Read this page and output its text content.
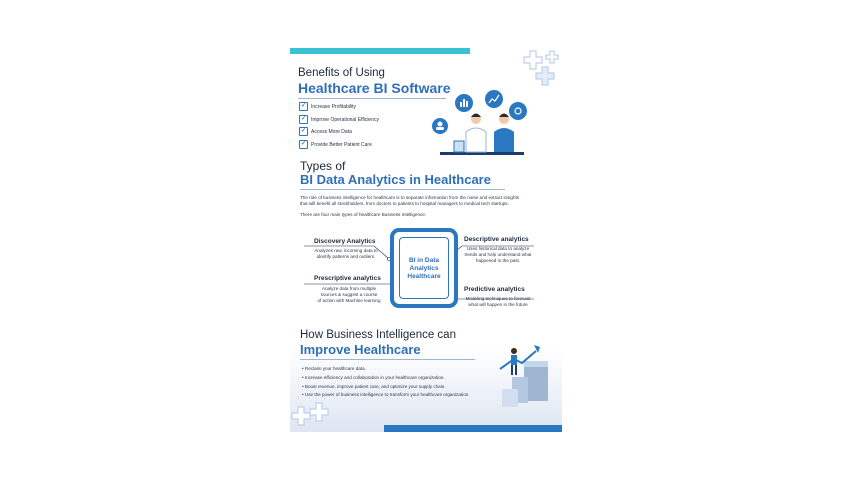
Benefits of Using
Healthcare BI Software
✓ Increase Profitability
✓ Improve Operational Efficiency
✓ Access More Data
✓ Provide Better Patient Care
Types of
BI Data Analytics in Healthcare
The role of business intelligence for healthcare is to separate information from the noise and extract insights
that will benefit all stockholders, from doctors to patients to hospital managers to medical tech startups.
There are four main types of healthcare Business Intelligence.
BI in Data
Analytics
Healthcare
Discovery Analytics
Analyzes raw, incoming data to
identify patterns and outliers.
Descriptive analytics
Uses historical data to analyze
trends and help understand what
happened in the past.
Prescriptive analytics
Analyze data from multiple
sources & suggest a course
of action with Machine learning
Predictive analytics
Modeling techniques to forecast
what will happen in the future
How Business Intelligence can
Improve Healthcare
• Reclaim your healthcare data.
• Increase efficiency and collaboration in your healthcare organization.
• Boost revenue, improve patient care, and optimize your supply chain.
• Use the power of business intelligence to transform your healthcare organization.
